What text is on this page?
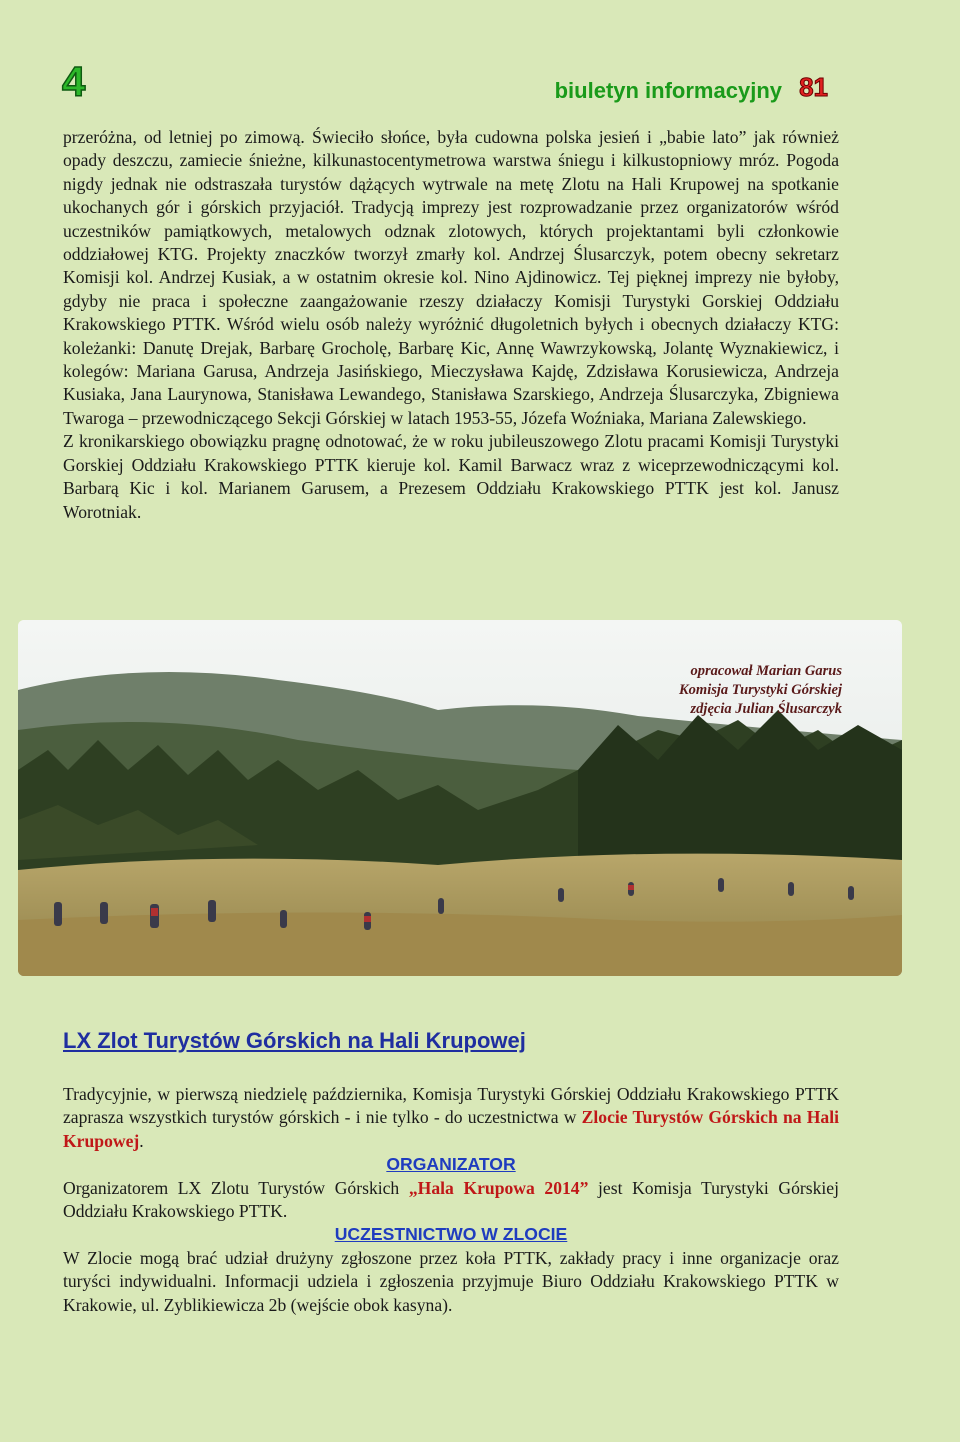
4	biuletyn informacyjny 81

przeróżna, od letniej po zimową. Świeciło słońce, była cudowna polska jesień i „babie lato” jak również opady deszczu, zamiecie śnieżne, kilkunastocentymetrowa warstwa śniegu i kilkustopniowy mróz. Pogoda nigdy jednak nie odstraszała turystów dążących wytrwale na metę Zlotu na Hali Krupowej na spotkanie ukochanych gór i górskich przyjaciół. Tradycją imprezy jest rozprowadzanie przez organizatorów wśród uczestników pamiątkowych, metalowych odznak zlotowych, których projektantami byli członkowie oddziałowej KTG. Projekty znaczków tworzył zmarły kol. Andrzej Ślusarczyk, potem obecny sekretarz Komisji kol. Andrzej Kusiak, a w ostatnim okresie kol. Nino Ajdinowicz. Tej pięknej imprezy nie byłoby, gdyby nie praca i społeczne zaangażowanie rzeszy działaczy Komisji Turystyki Gorskiej Oddziału Krakowskiego PTTK. Wśród wielu osób należy wyróżnić długoletnich byłych i obecnych działaczy KTG: koleżanki: Danutę Drejak, Barbarę Grocholę, Barbarę Kic, Annę Wawrzykowską, Jolantę Wyznakiewicz, i kolegów: Mariana Garusa, Andrzeja Jasińskiego, Mieczysława Kajdę, Zdzisława Korusiewicza, Andrzeja Kusiaka, Jana Laurynowa, Stanisława Lewandego, Stanisława Szarskiego, Andrzeja Ślusarczyka, Zbigniewa Twaroga – przewodniczącego Sekcji Górskiej w latach 1953-55, Józefa Woźniaka, Mariana Zalewskiego.

Z kronikarskiego obowiązku pragnę odnotować, że w roku jubileuszowego Zlotu pracami Komisji Turystyki Gorskiej Oddziału Krakowskiego PTTK kieruje kol. Kamil Barwacz wraz z wiceprzewodniczącymi kol. Barbarą Kic i kol. Marianem Garusem, a Prezesem Oddziału Krakowskiego PTTK jest kol. Janusz Worotniak.

opracował Marian Garus
Komisja Turystyki Górskiej
zdjęcia Julian Ślusarczyk
LX Zlot Turystów Górskich na Hali Krupowej

Tradycyjnie, w pierwszą niedzielę października, Komisja Turystyki Górskiej Oddziału Krakowskiego PTTK zaprasza wszystkich turystów górskich - i nie tylko - do uczestnictwa w Zlocie Turystów Górskich na Hali Krupowej.

ORGANIZATOR

Organizatorem LX Zlotu Turystów Górskich „Hala Krupowa 2014” jest Komisja Turystyki Górskiej Oddziału Krakowskiego PTTK.

UCZESTNICTWO W ZLOCIE

W Zlocie mogą brać udział drużyny zgłoszone przez koła PTTK, zakłady pracy i inne organizacje oraz turyści indywidualni. Informacji udziela i zgłoszenia przyjmuje Biuro Oddziału Krakowskiego PTTK w Krakowie, ul. Zyblikiewicza 2b (wejście obok kasyna).
